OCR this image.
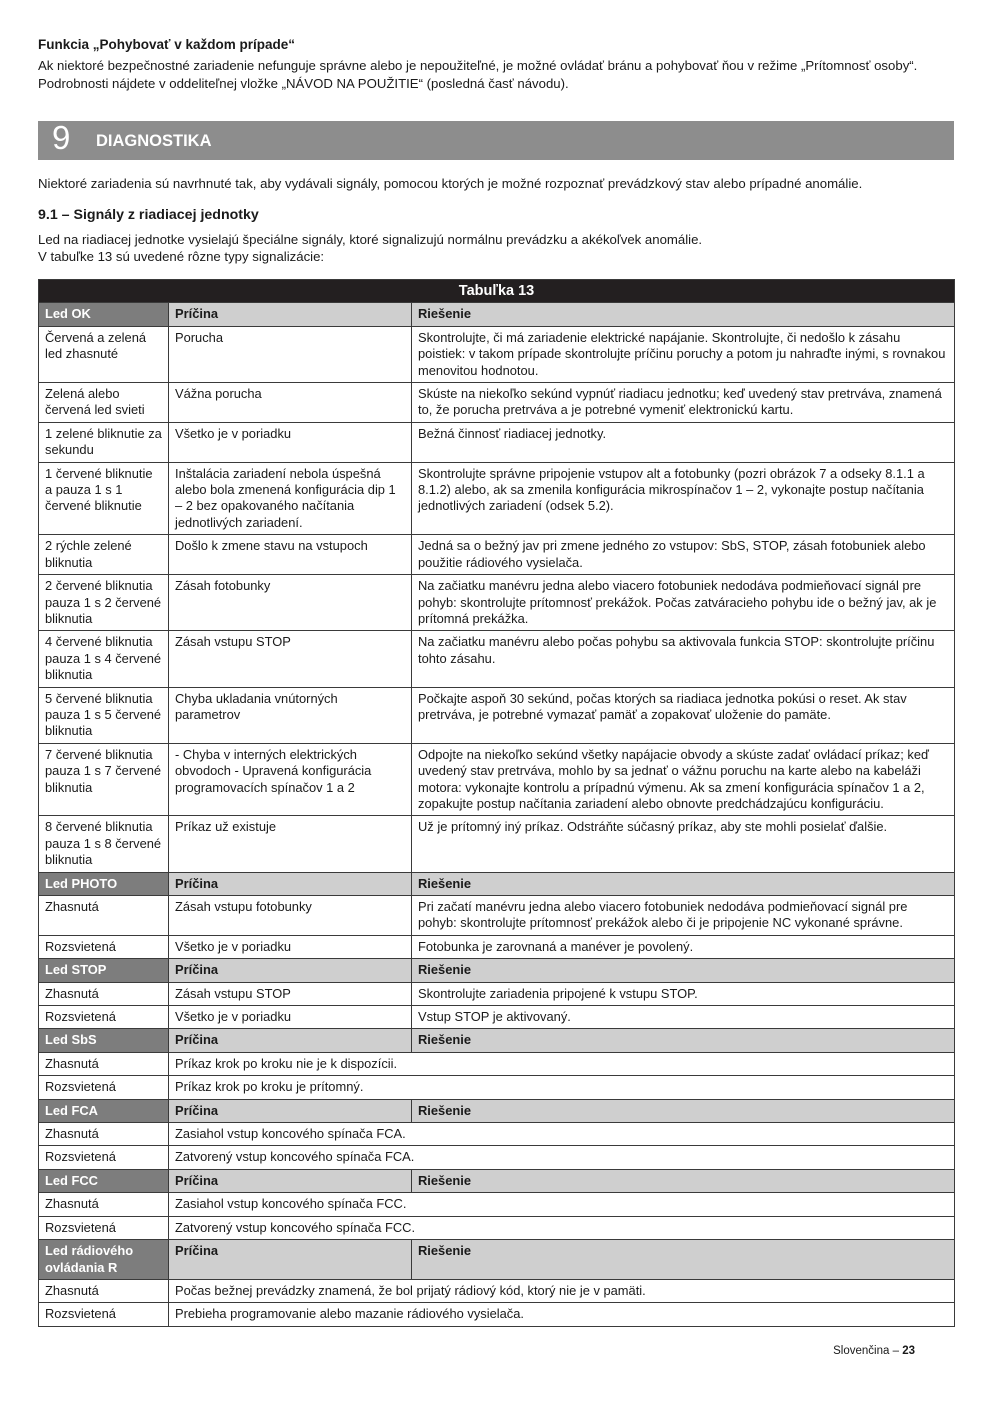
Funkcia „Pohybovať v každom prípade“
Ak niektoré bezpečnostné zariadenie nefunguje správne alebo je nepoužiteľné, je možné ovládať bránu a pohybovať ňou v režime „Prítomnosť osoby“. Podrobnosti nájdete v oddeliteľnej vložke „NÁVOD NA POUŽITIE“ (posledná časť návodu).
9 DIAGNOSTIKA
Niektoré zariadenia sú navrhnuté tak, aby vydávali signály, pomocou ktorých je možné rozpoznať prevádzkový stav alebo prípadné anomálie.
9.1 – Signály z riadiacej jednotky
Led na riadiacej jednotke vysielajú špeciálne signály, ktoré signalizujú normálnu prevádzku a akékoľvek anomálie.
V tabuľke 13 sú uvedené rôzne typy signalizácie:
Tabuľka 13		
Led OK	Príčina	Riešenie
Červená a zelená led zhasnuté	Porucha	Skontrolujte, či má zariadenie elektrické napájanie. Skontrolujte, či nedošlo k zásahu poistiek: v takom prípade skontrolujte príčinu poruchy a potom ju nahraďte inými, s rovnakou menovitou hodnotou.
Zelená alebo červená led svieti	Vážna porucha	Skúste na niekoľko sekúnd vypnúť riadiacu jednotku; keď uvedený stav pretrváva, znamená to, že porucha pretrváva a je potrebné vymeniť elektronickú kartu.
1 zelené bliknutie za sekundu	Všetko je v poriadku	Bežná činnosť riadiacej jednotky.
1 červené bliknutie a pauza 1 s 1 červené bliknutie	Inštalácia zariadení nebola úspešná alebo bola zmenená konfigurácia dip 1 – 2 bez opakovaného načítania jednotlivých zariadení.	Skontrolujte správne pripojenie vstupov alt a fotobunky (pozri obrázok 7 a odseky 8.1.1 a 8.1.2) alebo, ak sa zmenila konfigurácia mikrospínačov 1 – 2, vykonajte postup načítania jednotlivých zariadení (odsek 5.2).
2 rýchle zelené bliknutia	Došlo k zmene stavu na vstupoch	Jedná sa o bežný jav pri zmene jedného zo vstupov: SbS, STOP, zásah fotobuniek alebo použitie rádiového vysielača.
2 červené bliknutia pauza 1 s 2 červené bliknutia	Zásah fotobunky	Na začiatku manévru jedna alebo viacero fotobuniek nedodáva podmieňovací signál pre pohyb: skontrolujte prítomnosť prekážok. Počas zatváracieho pohybu ide o bežný jav, ak je prítomná prekážka.
4 červené bliknutia pauza 1 s 4 červené bliknutia	Zásah vstupu STOP	Na začiatku manévru alebo počas pohybu sa aktivovala funkcia STOP: skontrolujte príčinu tohto zásahu.
5 červené bliknutia pauza 1 s 5 červené bliknutia	Chyba ukladania vnútorných parametrov	Počkajte aspoň 30 sekúnd, počas ktorých sa riadiaca jednotka pokúsi o reset. Ak stav pretrváva, je potrebné vymazať pamäť a zopakovať uloženie do pamäte.
7 červené bliknutia pauza 1 s 7 červené bliknutia	- Chyba v interných elektrických obvodoch - Upravená konfigurácia programovacích spínačov 1 a 2	Odpojte na niekoľko sekúnd všetky napájacie obvody a skúste zadať ovládací príkaz; keď uvedený stav pretrváva, mohlo by sa jednať o vážnu poruchu na karte alebo na kabeláži motora: vykonajte kontrolu a prípadnú výmenu. Ak sa zmení konfigurácia spínačov 1 a 2, zopakujte postup načítania zariadení alebo obnovte predchádzajúcu konfiguráciu.
8 červené bliknutia pauza 1 s 8 červené bliknutia	Príkaz už existuje	Už je prítomný iný príkaz. Odstráňte súčasný príkaz, aby ste mohli posielať ďalšie.
Led PHOTO	Príčina	Riešenie
Zhasnutá	Zásah vstupu fotobunky	Pri začatí manévru jedna alebo viacero fotobuniek nedodáva podmieňovací signál pre pohyb: skontrolujte prítomnosť prekážok alebo či je pripojenie NC vykonané správne.
Rozsvietená	Všetko je v poriadku	Fotobunka je zarovnaná a manéver je povolený.
Led STOP	Príčina	Riešenie
Zhasnutá	Zásah vstupu STOP	Skontrolujte zariadenia pripojené k vstupu STOP.
Rozsvietená	Všetko je v poriadku	Vstup STOP je aktivovaný.
Led SbS	Príčina	Riešenie
Zhasnutá	Príkaz krok po kroku nie je k dispozícii.	
Rozsvietená	Príkaz krok po kroku je prítomný.	
Led FCA	Príčina	Riešenie
Zhasnutá	Zasiahol vstup koncového spínača FCA.	
Rozsvietená	Zatvorený vstup koncového spínača FCA.	
Led FCC	Príčina	Riešenie
Zhasnutá	Zasiahol vstup koncového spínača FCC.	
Rozsvietená	Zatvorený vstup koncového spínača FCC.	
Led rádiového ovládania R	Príčina	Riešenie
Zhasnutá	Počas bežnej prevádzky znamená, že bol prijatý rádiový kód, ktorý nie je v pamäti.	
Rozsvietená	Prebieha programovanie alebo mazanie rádiového vysielača.	
Slovenčina – 23
